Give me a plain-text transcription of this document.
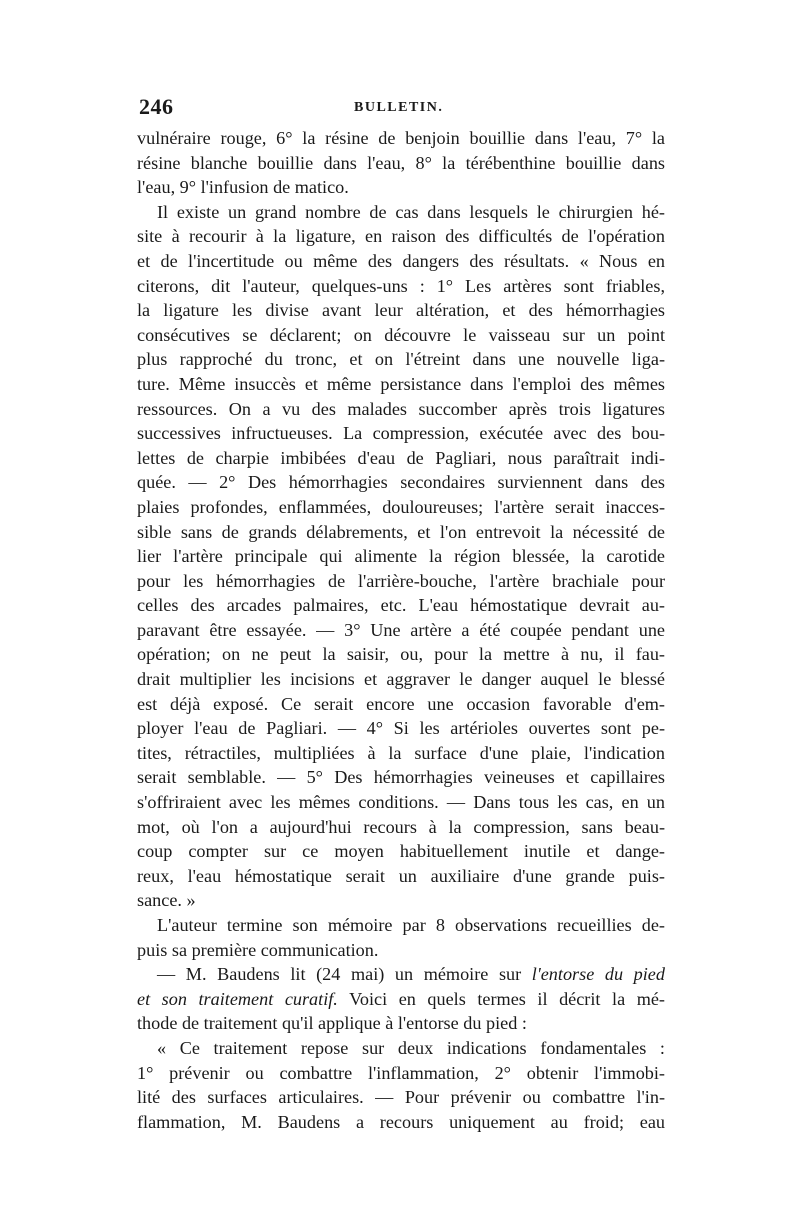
246	BULLETIN.
vulnéraire rouge, 6° la résine de benjoin bouillie dans l'eau, 7° la
résine blanche bouillie dans l'eau, 8° la térébenthine bouillie dans
l'eau, 9° l'infusion de matico.
Il existe un grand nombre de cas dans lesquels le chirurgien hé-
site à recourir à la ligature, en raison des difficultés de l'opération
et de l'incertitude ou même des dangers des résultats. « Nous en
citerons, dit l'auteur, quelques-uns : 1° Les artères sont friables,
la ligature les divise avant leur altération, et des hémorrhagies
consécutives se déclarent; on découvre le vaisseau sur un point
plus rapproché du tronc, et on l'étreint dans une nouvelle liga-
ture. Même insuccès et même persistance dans l'emploi des mêmes
ressources. On a vu des malades succomber après trois ligatures
successives infructueuses. La compression, exécutée avec des bou-
lettes de charpie imbibées d'eau de Pagliari, nous paraîtrait indi-
quée. — 2° Des hémorrhagies secondaires surviennent dans des
plaies profondes, enflammées, douloureuses; l'artère serait inacces-
sible sans de grands délabrements, et l'on entrevoit la nécessité de
lier l'artère principale qui alimente la région blessée, la carotide
pour les hémorrhagies de l'arrière-bouche, l'artère brachiale pour
celles des arcades palmaires, etc. L'eau hémostatique devrait au-
paravant être essayée. — 3° Une artère a été coupée pendant une
opération; on ne peut la saisir, ou, pour la mettre à nu, il fau-
drait multiplier les incisions et aggraver le danger auquel le blessé
est déjà exposé. Ce serait encore une occasion favorable d'em-
ployer l'eau de Pagliari. — 4° Si les artérioles ouvertes sont pe-
tites, rétractiles, multipliées à la surface d'une plaie, l'indication
serait semblable. — 5° Des hémorrhagies veineuses et capillaires
s'offriraient avec les mêmes conditions. — Dans tous les cas, en un
mot, où l'on a aujourd'hui recours à la compression, sans beau-
coup compter sur ce moyen habituellement inutile et dange-
reux, l'eau hémostatique serait un auxiliaire d'une grande puis-
sance. »
L'auteur termine son mémoire par 8 observations recueillies de-
puis sa première communication.
— M. Baudens lit (24 mai) un mémoire sur l'entorse du pied
et son traitement curatif. Voici en quels termes il décrit la mé-
thode de traitement qu'il applique à l'entorse du pied :
« Ce traitement repose sur deux indications fondamentales :
1° prévenir ou combattre l'inflammation, 2° obtenir l'immobi-
lité des surfaces articulaires. — Pour prévenir ou combattre l'in-
flammation, M. Baudens a recours uniquement au froid; eau
